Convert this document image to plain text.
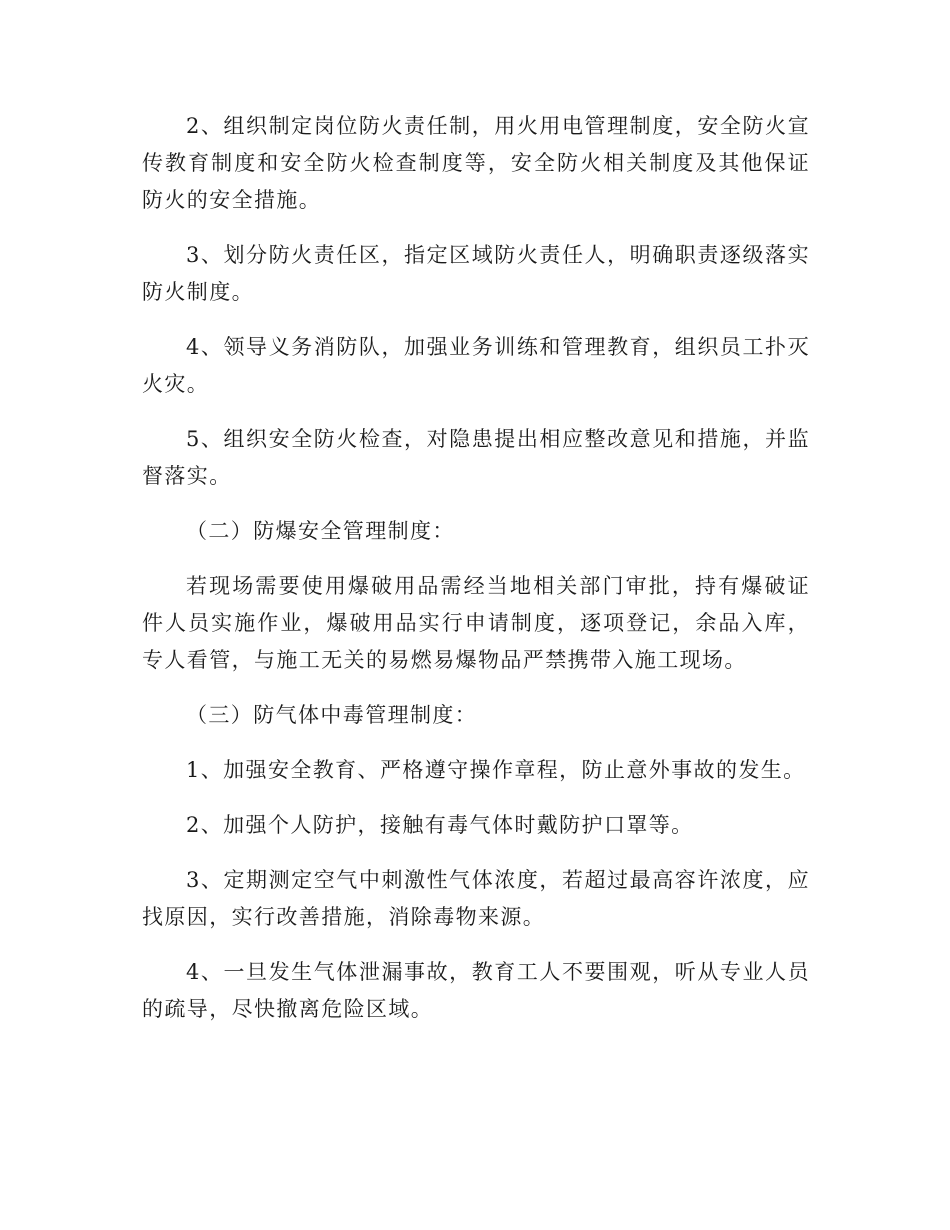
2、组织制定岗位防火责任制，用火用电管理制度，安全防火宣传教育制度和安全防火检查制度等，安全防火相关制度及其他保证防火的安全措施。

3、划分防火责任区，指定区域防火责任人，明确职责逐级落实防火制度。

4、领导义务消防队，加强业务训练和管理教育，组织员工扑灭火灾。

5、组织安全防火检查，对隐患提出相应整改意见和措施，并监督落实。

（二）防爆安全管理制度：

若现场需要使用爆破用品需经当地相关部门审批，持有爆破证件人员实施作业，爆破用品实行申请制度，逐项登记，余品入库，专人看管，与施工无关的易燃易爆物品严禁携带入施工现场。

（三）防气体中毒管理制度：

1、加强安全教育、严格遵守操作章程，防止意外事故的发生。

2、加强个人防护，接触有毒气体时戴防护口罩等。

3、定期测定空气中刺激性气体浓度，若超过最高容许浓度，应找原因，实行改善措施，消除毒物来源。

4、一旦发生气体泄漏事故，教育工人不要围观，听从专业人员的疏导，尽快撤离危险区域。
